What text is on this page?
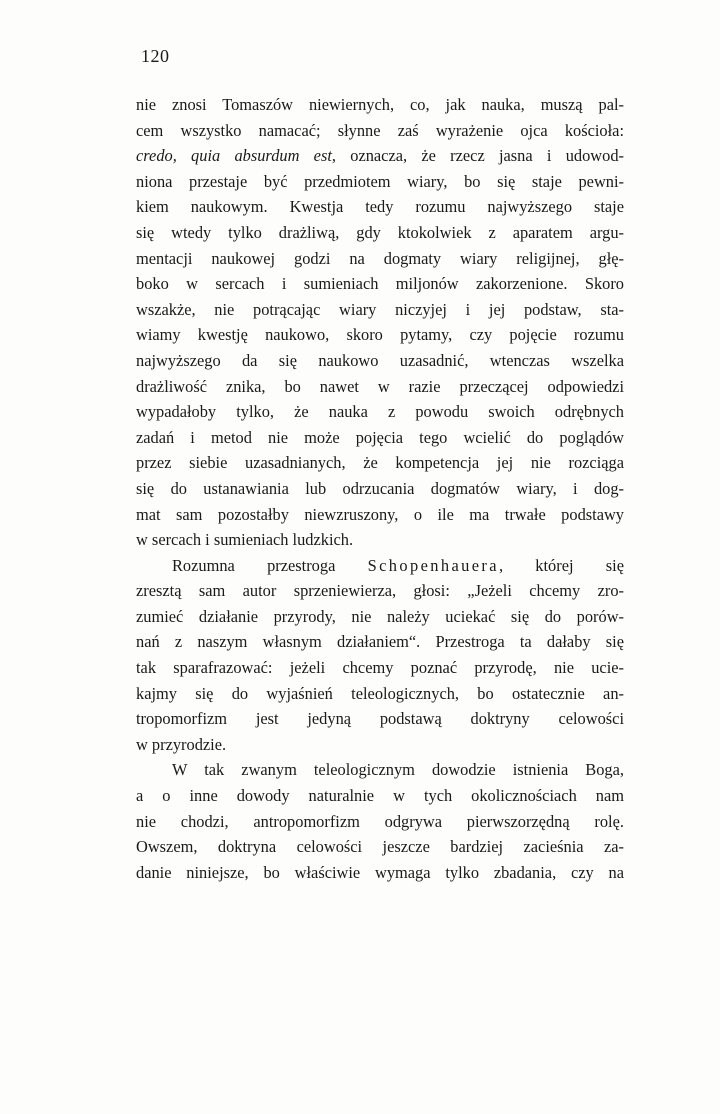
120
nie znosi Tomaszów niewiernych, co, jak nauka, muszą pal-
cem wszystko namacać; słynne zaś wyrażenie ojca kościoła:
credo, quia absurdum est, oznacza, że rzecz jasna i udowod-
niona przestaje być przedmiotem wiary, bo się staje pewni-
kiem naukowym. Kwestja tedy rozumu najwyższego staje
się wtedy tylko drażliwą, gdy ktokolwiek z aparatem argu-
mentacji naukowej godzi na dogmaty wiary religijnej, głę-
boko w sercach i sumieniach miljonów zakorzenione. Skoro
wszakże, nie potrącając wiary niczyjej i jej podstaw, sta-
wiamy kwestję naukowo, skoro pytamy, czy pojęcie rozumu
najwyższego da się naukowo uzasadnić, wtenczas wszelka
drażliwość znika, bo nawet w razie przeczącej odpowiedzi
wypadałoby tylko, że nauka z powodu swoich odrębnych
zadań i metod nie może pojęcia tego wcielić do poglądów
przez siebie uzasadnianych, że kompetencja jej nie rozciąga
się do ustanawiania lub odrzucania dogmatów wiary, i dog-
mat sam pozostałby niewzruszony, o ile ma trwałe podstawy
w sercach i sumieniach ludzkich.
Rozumna przestroga Schopenhauera, której się
zresztą sam autor sprzeniewierza, głosi: „Jeżeli chcemy zro-
zumieć działanie przyrody, nie należy uciekać się do porów-
nań z naszym własnym działaniem“. Przestroga ta dałaby się
tak sparafrazować: jeżeli chcemy poznać przyrodę, nie ucie-
kajmy się do wyjaśnień teleologicznych, bo ostatecznie an-
tropomorfizm jest jedyną podstawą doktryny celowości
w przyrodzie.
W tak zwanym teleologicznym dowodzie istnienia Boga,
a o inne dowody naturalnie w tych okolicznościach nam
nie chodzi, antropomorfizm odgrywa pierwszorzędną rolę.
Owszem, doktryna celowości jeszcze bardziej zacieśnia za-
danie niniejsze, bo właściwie wymaga tylko zbadania, czy na
